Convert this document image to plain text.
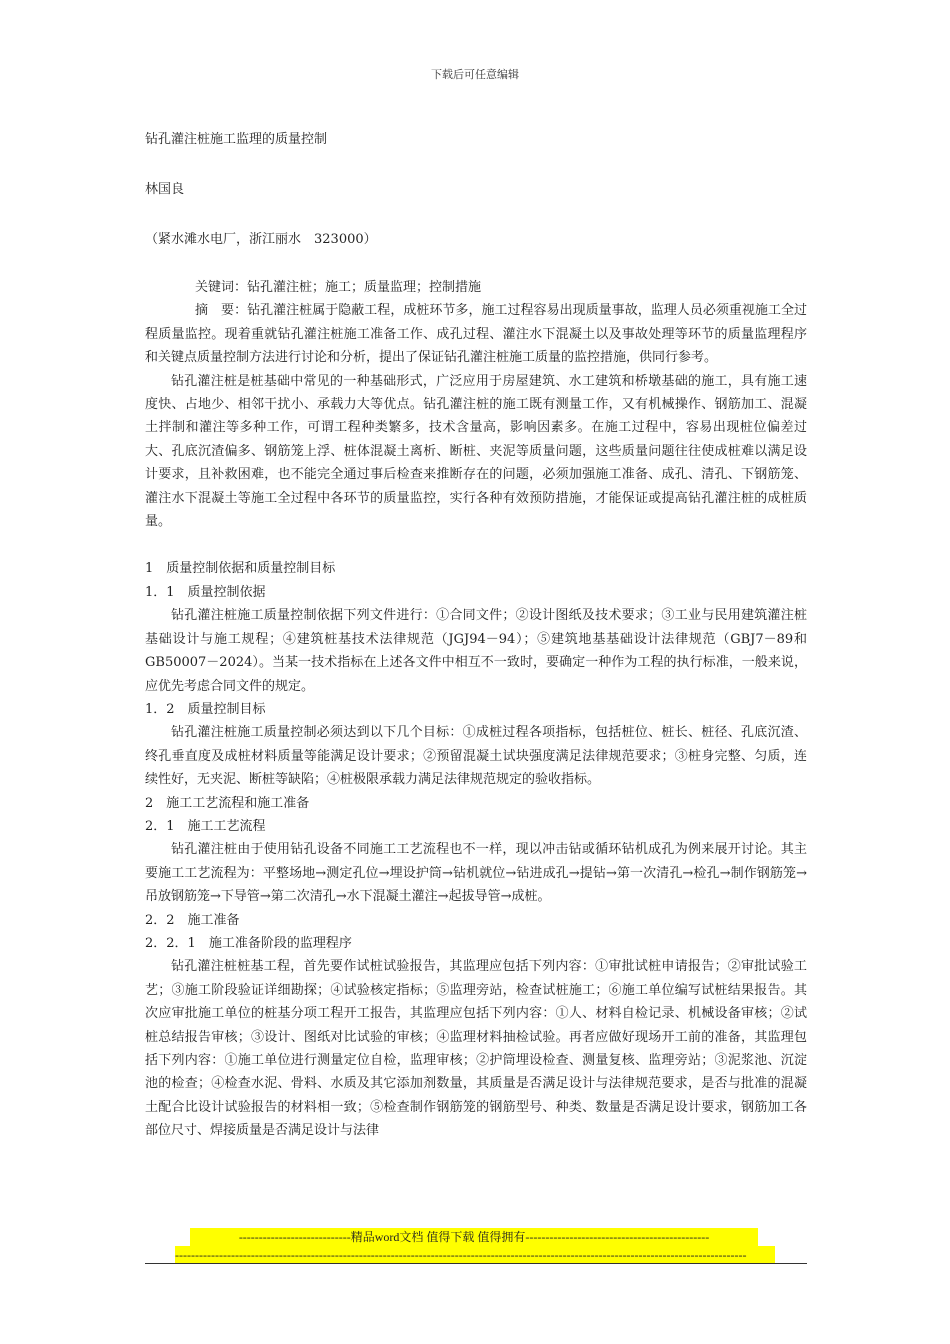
下载后可任意编辑
钻孔灌注桩施工监理的质量控制
林国良
（紧水滩水电厂，浙江丽水　323000）

关键词：钻孔灌注桩；施工；质量监理；控制措施

摘　要：钻孔灌注桩属于隐蔽工程，成桩环节多，施工过程容易出现质量事故，监理人员必须重视施工全过程质量监控。现着重就钻孔灌注桩施工准备工作、成孔过程、灌注水下混凝土以及事故处理等环节的质量监理程序和关键点质量控制方法进行讨论和分析，提出了保证钻孔灌注桩施工质量的监控措施，供同行参考。

钻孔灌注桩是桩基础中常见的一种基础形式，广泛应用于房屋建筑、水工建筑和桥墩基础的施工，具有施工速度快、占地少、相邻干扰小、承载力大等优点。钻孔灌注桩的施工既有测量工作，又有机械操作、钢筋加工、混凝土拌制和灌注等多种工作，可谓工程种类繁多，技术含量高，影响因素多。在施工过程中，容易出现桩位偏差过大、孔底沉渣偏多、钢筋笼上浮、桩体混凝土离析、断桩、夹泥等质量问题，这些质量问题往往使成桩难以满足设计要求，且补救困难，也不能完全通过事后检查来推断存在的问题，必须加强施工准备、成孔、清孔、下钢筋笼、灌注水下混凝土等施工全过程中各环节的质量监控，实行各种有效预防措施，才能保证或提高钻孔灌注桩的成桩质量。

1　质量控制依据和质量控制目标

1．1　质量控制依据

钻孔灌注桩施工质量控制依据下列文件进行：①合同文件；②设计图纸及技术要求；③工业与民用建筑灌注桩基础设计与施工规程；④建筑桩基技术法律规范（JGJ94－94）；⑤建筑地基基础设计法律规范（GBJ7－89和GB50007－2024）。当某一技术指标在上述各文件中相互不一致时，要确定一种作为工程的执行标准，一般来说，应优先考虑合同文件的规定。

1．2　质量控制目标

钻孔灌注桩施工质量控制必须达到以下几个目标：①成桩过程各项指标，包括桩位、桩长、桩径、孔底沉渣、终孔垂直度及成桩材料质量等能满足设计要求；②预留混凝土试块强度满足法律规范要求；③桩身完整、匀质，连续性好，无夹泥、断桩等缺陷；④桩极限承载力满足法律规范规定的验收指标。

2　施工工艺流程和施工准备

2．1　施工工艺流程

钻孔灌注桩由于使用钻孔设备不同施工工艺流程也不一样，现以冲击钻或循环钻机成孔为例来展开讨论。其主要施工工艺流程为：平整场地→测定孔位→埋设护筒→钻机就位→钻进成孔→提钻→第一次清孔→检孔→制作钢筋笼→吊放钢筋笼→下导管→第二次清孔→水下混凝土灌注→起拔导管→成桩。

2．2　施工准备

2．2．1　施工准备阶段的监理程序

钻孔灌注桩桩基工程，首先要作试桩试验报告，其监理应包括下列内容：①审批试桩申请报告；②审批试验工艺；③施工阶段验证详细勘探；④试验核定指标；⑤监理旁站，检查试桩施工；⑥施工单位编写试桩结果报告。其次应审批施工单位的桩基分项工程开工报告，其监理应包括下列内容：①人、材料自检记录、机械设备审核；②试桩总结报告审核；③设计、图纸对比试验的审核；④监理材料抽检试验。再者应做好现场开工前的准备，其监理包括下列内容：①施工单位进行测量定位自检，监理审核；②护筒埋设检查、测量复核、监理旁站；③泥浆池、沉淀池的检查；④检查水泥、骨料、水质及其它添加剂数量，其质量是否满足设计与法律规范要求，是否与批准的混凝土配合比设计试验报告的材料相一致；⑤检查制作钢筋笼的钢筋型号、种类、数量是否满足设计要求，钢筋加工各部位尺寸、焊接质量是否满足设计与法律

----------------------------精品word文档 值得下载 值得拥有----------------------------------------------
-----------------------------------------------------------------------------------------------------------------------------------------------
